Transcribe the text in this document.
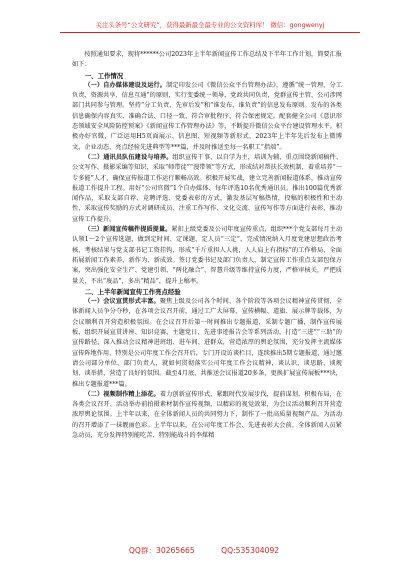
关注头条号“公文研究”，获得最新最全最专业的公文资料库！ 微信：gongwenyj

按照通知要求，现将******公司2023年上半年新闻宣传工作总结及下半年工作计划，简要汇报如下：

一、工作情况

（一）自办媒体建设及运行。制定印发公司《微信公众平台管理办法》，遵循“统一管理、分工负责、资源共享、信息互通”的原则，实行变委统一领导，党政共同负责，党群宣传主管，公司涉网部门共同参与管理。坚持“分工负责、先审后发”和“谁发布、谁负责”的信息发布原则。发布的各类信息确保内容真实、准确合法、口径一致、符合审批程序、符合保密规定。配套健全公司《意识形态领域安全风险防控预案》《新闻宣传工作管理办法》等，不断提升微信公众平台建设管理水平。积极办好官微，广泛运用H5页面展示、信息图、短视频等新形式，2023年上半年先后发布上微博文、企业动态、亮点经验先进典型等***篇，并及时推送至每一名职工“指端”。

（二）通讯员队伍建设与培养。组织宣传干事，以自学为主，培训为辅，重点围绕新闻稿件、公文写作、摄影采编等知识，采取“师带徒”“漫带领”等方式，形成结对帮扶长效机制，着重培养“一专多能”人才，确保宣传报道工作运行顺畅高效。积极开展实战，建立完善新闻报道体系，推动宣传报道工作提升工程。用好“公司官微”1个自办媒体、每年评选10名优秀通讯员，推出100篇优秀新闻作品，采取支部自荐、竞聘评选、党委表彰的方式，激发基层写稿热情，投稿的积极性和主动性，采取宣传奖励的方式对调研成员、注重工作写作、文化交流、宣传写作等方面进行表彰，推动宣传工作提升。

（三）新闻宣传稿件提质提量。紧扣上级党委及公司年度宣传重点，组织***个党支部每月主动认领1～2个宣传选题，做到定时间、定课题、定人员“三定”，完成情况纳入月度党建思想政治考核，考核结果与党支部书记工资挂钩，形成“千斤重担人人挑，人人肩上有指标”的工作格局，全面拓展新闻工作素养、新作为、新成效。签订党委书记及部门负责人，制定宣传工作重点支部包保方案，突出强化安全生产、党建引领、“两化融合”、智慧升级等维持宣传力度，严格审核关，严把质量关，不出“废品”，多出“精品”，提升上稿率。

二、上半年新闻宣传工作亮点经验

（一）会议宣贯形式丰富。聚焦上级及公司各个时间、各个阶段等各项会议精神宣传贯彻，全体新闻人员争分夺秒，在各项会议召开前，通过工广大屏幕、宣传横幅、道旗、展示牌等载体，为会议顺利召开营造积极氛围。在会议召开后第一时间推出专题报道，采制专题广播，制作宣传展板，组织开展宣贯讲座、知识竞赛、主题党日、先进事迹报告会等系列活动，打造“三进”“三助”的宣传路径，深入推动会议精神进班组、进车间、进群众，营造浓厚的舆论氛围，充分发挥主流媒体宣传阵地作用，特别是公司年度工作会召开后，专门开设访谈栏目，连续推出5期专题报道，通过邀请公司部分单位、部门负责人，就如何贯彻落实公司年度工作会议精神，谈认识、谈思路、谈规划、谈举措，营造了良好的氛围。截至4月底，共推送会议报道20多条，更换扩展宣传展板***块，推出专题报道***篇。

（二）视频制作精上添花。着力创新宣传形式，紧跟时代发展步伐，提前谋划，积极布局，在各类会议召开、活动举办前拍摄素材制作宣传视频，以精彩的视觉效果，为会议活动顺利召开营造浓厚舆论氛围。上半年以来，在全体新闻人员的共同努力下，制作了一批高质量视频产品，为活动的召开增添了一抹靓丽色彩。上半年以来，在公司年度工作会、先进表彰大会前，全体新闻人员紧急动员，充分发挥特别能吃苦、特别能战斗的李煤精

QQ群：30265665	QQ:535304092
